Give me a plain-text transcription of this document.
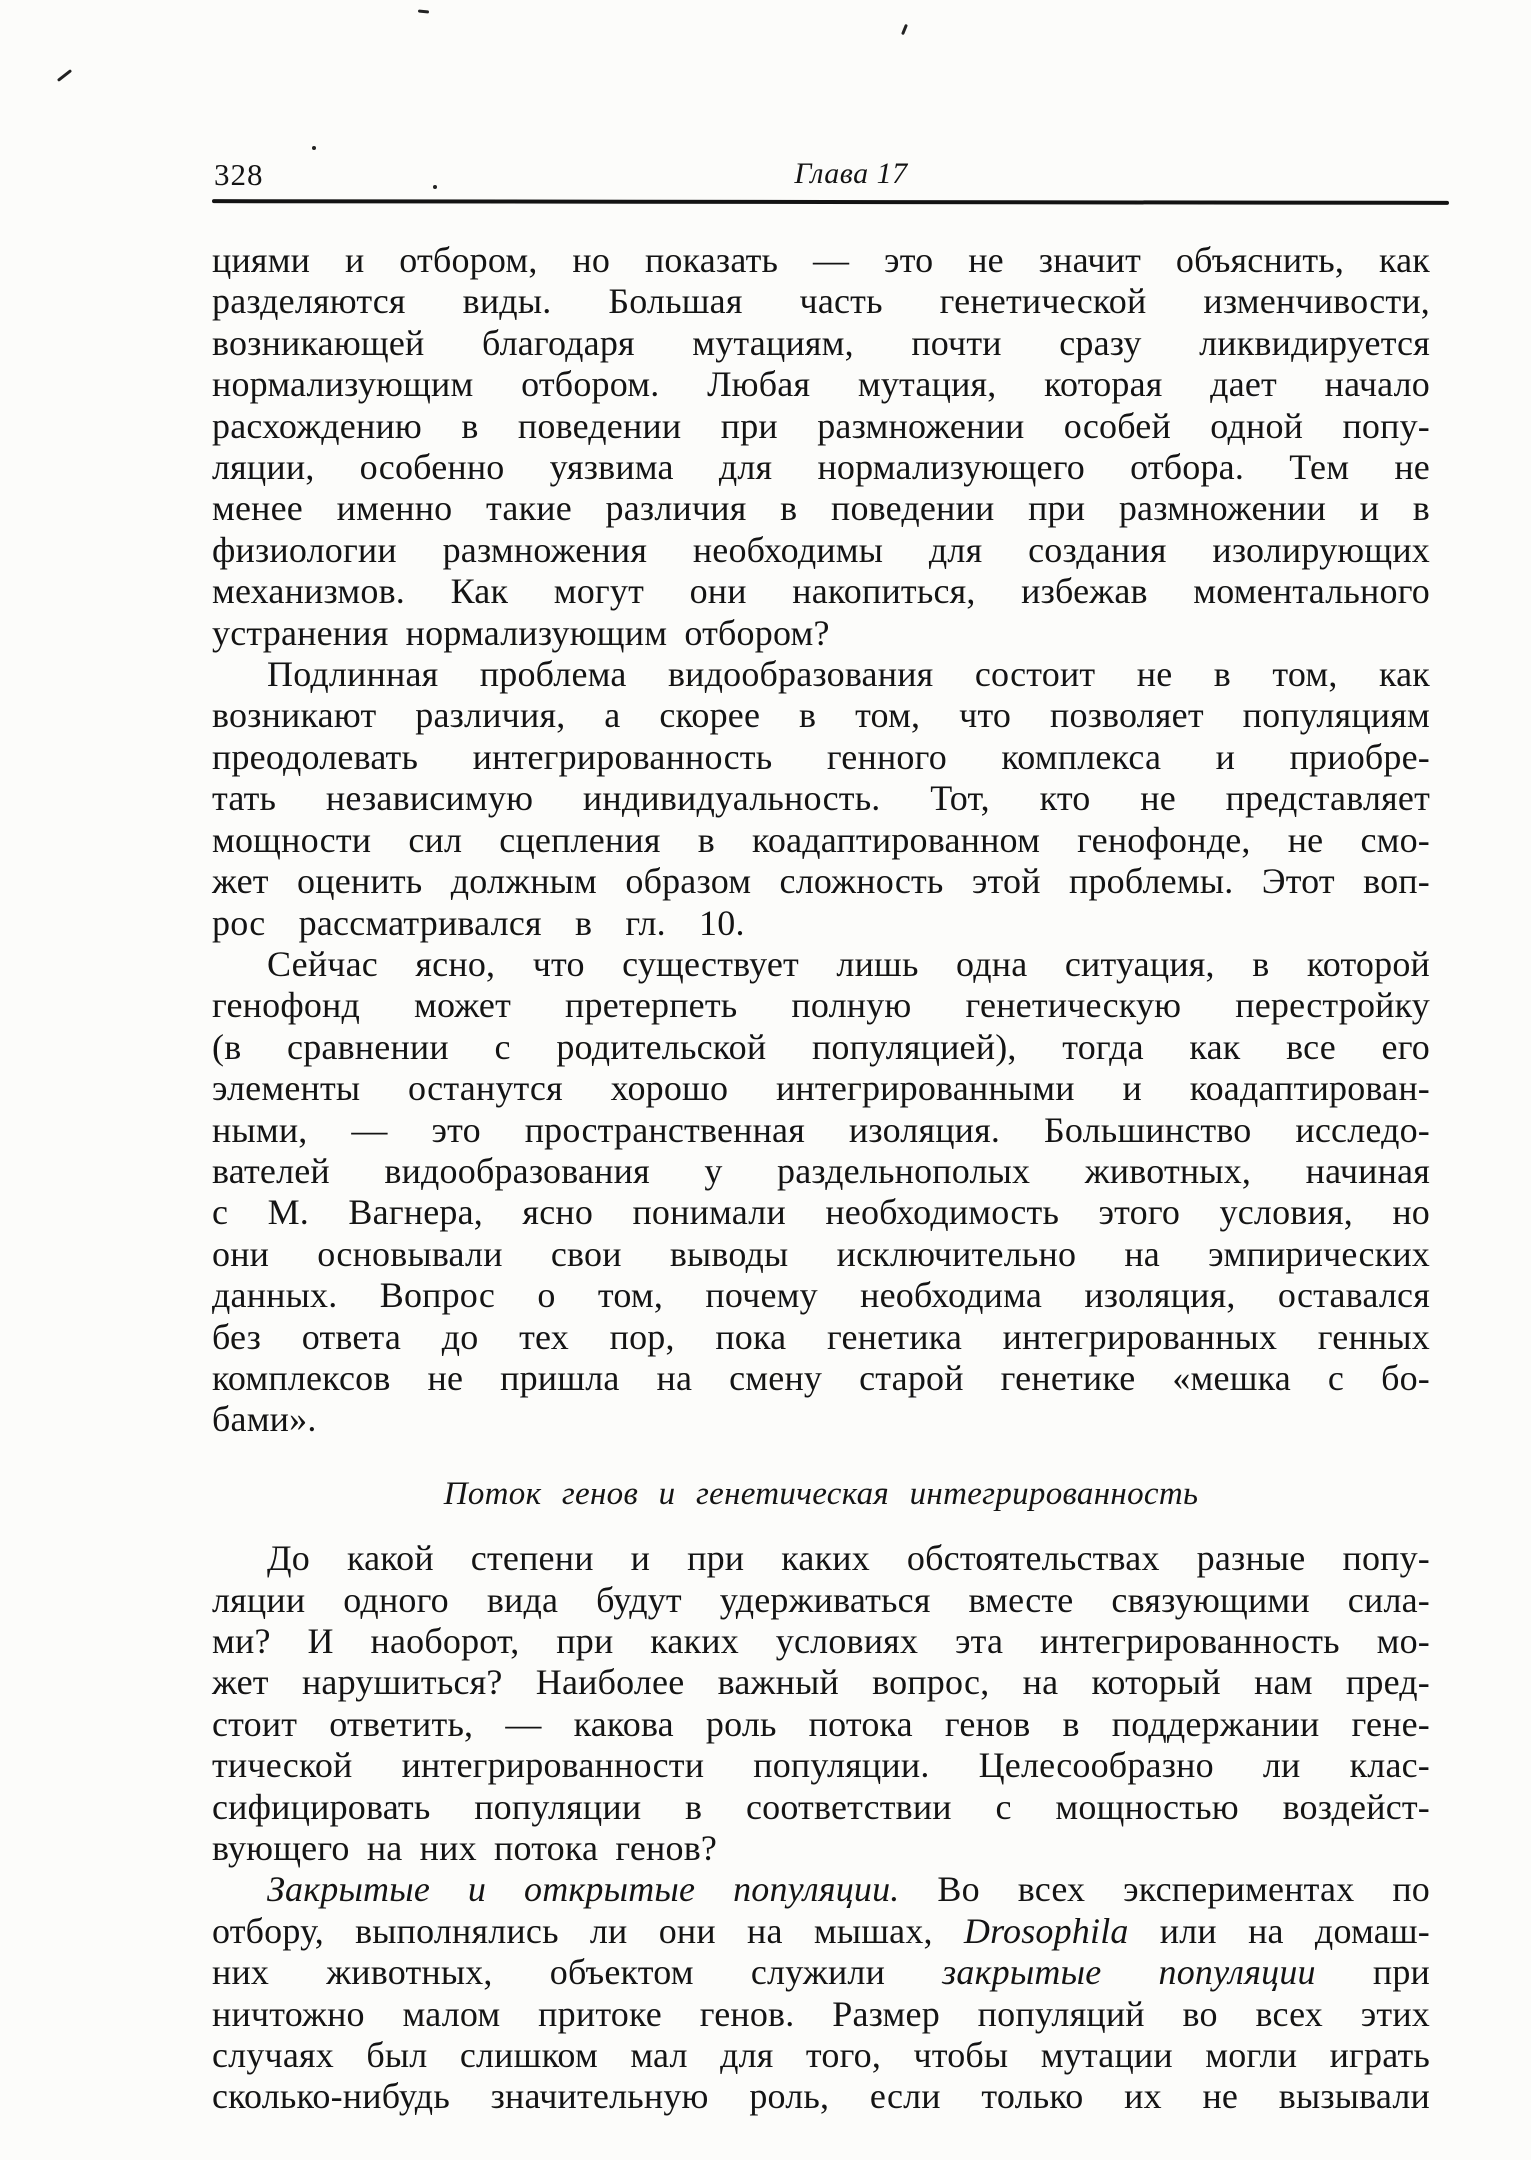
328	Глава 17
циями и отбором, но показать — это не значит объяснить, как
разделяются виды. Большая часть генетической изменчивости,
возникающей благодаря мутациям, почти сразу ликвидируется
нормализующим отбором. Любая мутация, которая дает начало
расхождению в поведении при размножении особей одной попу-
ляции, особенно уязвима для нормализующего отбора. Тем не
менее именно такие различия в поведении при размножении и в
физиологии размножения необходимы для создания изолирующих
механизмов. Как могут они накопиться, избежав моментального
устранения нормализующим отбором?
Подлинная проблема видообразования состоит не в том, как
возникают различия, а скорее в том, что позволяет популяциям
преодолевать интегрированность генного комплекса и приобре-
тать независимую индивидуальность. Тот, кто не представляет
мощности сил сцепления в коадаптированном генофонде, не смо-
жет оценить должным образом сложность этой проблемы. Этот воп-
рос рассматривался в гл. 10.
Сейчас ясно, что существует лишь одна ситуация, в которой
генофонд может претерпеть полную генетическую перестройку
(в сравнении с родительской популяцией), тогда как все его
элементы останутся хорошо интегрированными и коадаптирован-
ными, — это пространственная изоляция. Большинство исследо-
вателей видообразования у раздельнополых животных, начиная
с М. Вагнера, ясно понимали необходимость этого условия, но
они основывали свои выводы исключительно на эмпирических
данных. Вопрос о том, почему необходима изоляция, оставался
без ответа до тех пор, пока генетика интегрированных генных
комплексов не пришла на смену старой генетике «мешка с бо-
бами».
Поток генов и генетическая интегрированность
До какой степени и при каких обстоятельствах разные попу-
ляции одного вида будут удерживаться вместе связующими сила-
ми? И наоборот, при каких условиях эта интегрированность мо-
жет нарушиться? Наиболее важный вопрос, на который нам пред-
стоит ответить, — какова роль потока генов в поддержании гене-
тической интегрированности популяции. Целесообразно ли клас-
сифицировать популяции в соответствии с мощностью воздейст-
вующего на них потока генов?
Закрытые и открытые популяции. Во всех экспериментах по
отбору, выполнялись ли они на мышах, Drosophila или на домаш-
них животных, объектом служили закрытые популяции при
ничтожно малом притоке генов. Размер популяций во всех этих
случаях был слишком мал для того, чтобы мутации могли играть
сколько-нибудь значительную роль, если только их не вызывали
